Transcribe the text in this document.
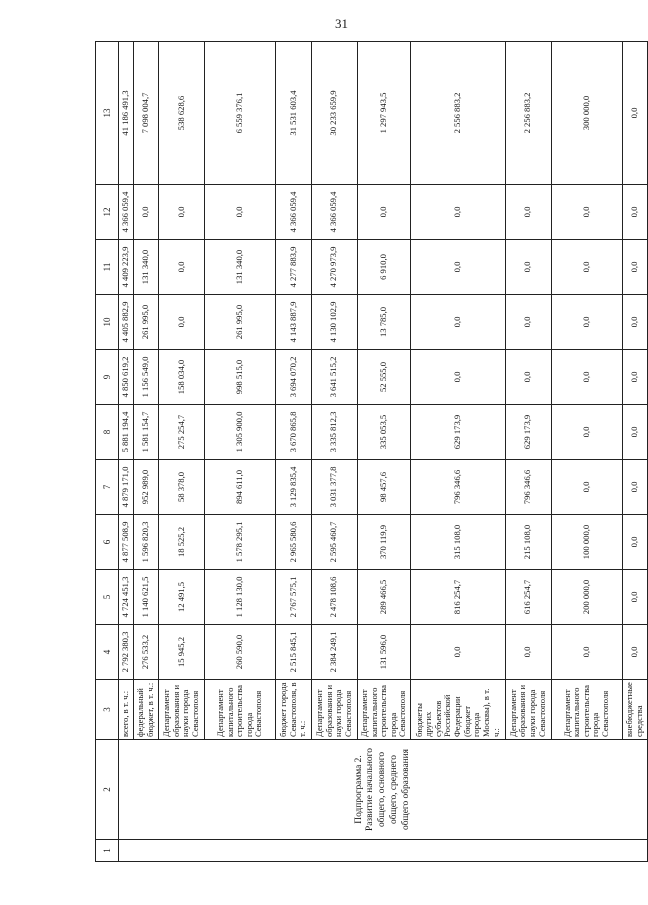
31
1	2	3	4	5	6	7	8	9	10	11	12	13
	Подпрограмма 2. Развитие начального общего, основного общего, среднего общего образования	всего, в т. ч.:	2 792 380,3	4 724 451,3	4 877 508,9	4 879 171,0	5 881 194,4	4 850 619,2	4 405 882,9	4 409 223,9	4 366 059,4	41 186 491,3
		федеральный бюджет, в т. ч.:	276 533,2	1 140 621,5	1 596 820,3	952 989,0	1 581 154,7	1 156 549,0	261 995,0	131 340,0	0,0	7 098 004,7
		Департамент образования и науки города Севастополя	15 945,2	12 491,5	18 525,2	58 378,0	275 254,7	158 034,0	0,0	0,0	0,0	538 628,6
		Департамент капитального строительства города Севастополя	260 590,0	1 128 130,0	1 578 295,1	894 611,0	1 305 900,0	998 515,0	261 995,0	131 340,0	0,0	6 559 376,1
		бюджет города Севастополя, в т. ч.:	2 515 845,1	2 767 575,1	2 965 580,6	3 129 835,4	3 670 865,8	3 694 070,2	4 143 887,9	4 277 883,9	4 366 059,4	31 531 603,4
		Департамент образования и науки города Севастополя	2 384 249,1	2 478 108,6	2 595 460,7	3 031 377,8	3 335 812,3	3 641 515,2	4 130 102,9	4 270 973,9	4 366 059,4	30 233 659,9
		Департамент капитального строительства города Севастополя	131 596,0	289 466,5	370 119,9	98 457,6	335 053,5	52 555,0	13 785,0	6 910,0	0,0	1 297 943,5
		бюджеты других субъектов Российской Федерации (бюджет города Москвы), в т. ч.:	0,0	816 254,7	315 108,0	796 346,6	629 173,9	0,0	0,0	0,0	0,0	2 556 883,2
		Департамент образования и науки города Севастополя	0,0	616 254,7	215 108,0	796 346,6	629 173,9	0,0	0,0	0,0	0,0	2 256 883,2
		Департамент капитального строительства города Севастополя	0,0	200 000,0	100 000,0	0,0	0,0	0,0	0,0	0,0	0,0	300 000,0
		внебюджетные средства	0,0	0,0	0,0	0,0	0,0	0,0	0,0	0,0	0,0	0,0
